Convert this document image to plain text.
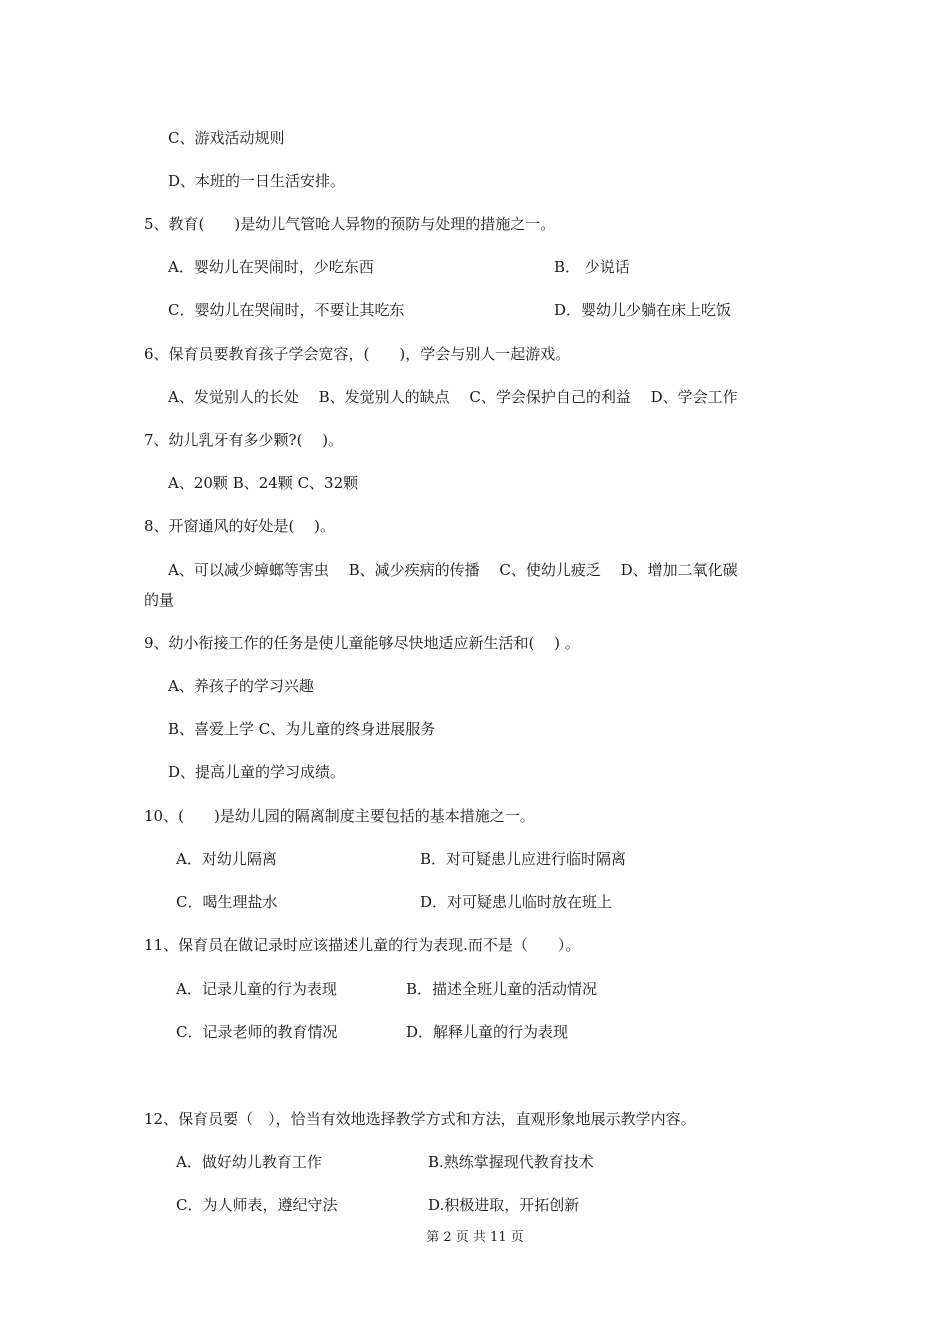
C、游戏活动规则
D、本班的一日生活安排。
5、教育(　　)是幼儿气管呛人异物的预防与处理的措施之一。
A．婴幼儿在哭闹时，少吃东西	B． 少说话
C．婴幼儿在哭闹时，不要让其吃东	D．婴幼儿少躺在床上吃饭
6、保育员要教育孩子学会宽容，(　　)，学会与别人一起游戏。
A、发觉别人的长处　 B、发觉别人的缺点　 C、学会保护自己的利益　 D、学会工作
7、幼儿乳牙有多少颗?(　 )。
A、20颗 B、24颗 C、32颗
8、开窗通风的好处是(　 )。
A、可以减少蟑螂等害虫　 B、减少疾病的传播　 C、使幼儿疲乏　 D、增加二氧化碳
的量
9、幼小衔接工作的任务是使儿童能够尽快地适应新生活和(　 ) 。
A、养孩子的学习兴趣
B、喜爱上学 C、为儿童的终身进展服务
D、提高儿童的学习成绩。
10、(　　)是幼儿园的隔离制度主要包括的基本措施之一。
A．对幼儿隔离	B．对可疑患儿应进行临时隔离
C．喝生理盐水	D．对可疑患儿临时放在班上
11、保育员在做记录时应该描述儿童的行为表现.而不是（　　）。
A．记录儿童的行为表现	B．描述全班儿童的活动情况
C．记录老师的教育情况	D．解释儿童的行为表现
12、保育员要（　），恰当有效地选择教学方式和方法，直观形象地展示教学内容。
A．做好幼儿教育工作	B.熟练掌握现代教育技术
C．为人师表，遵纪守法	D.积极进取，开拓创新
第 2 页 共 11 页
